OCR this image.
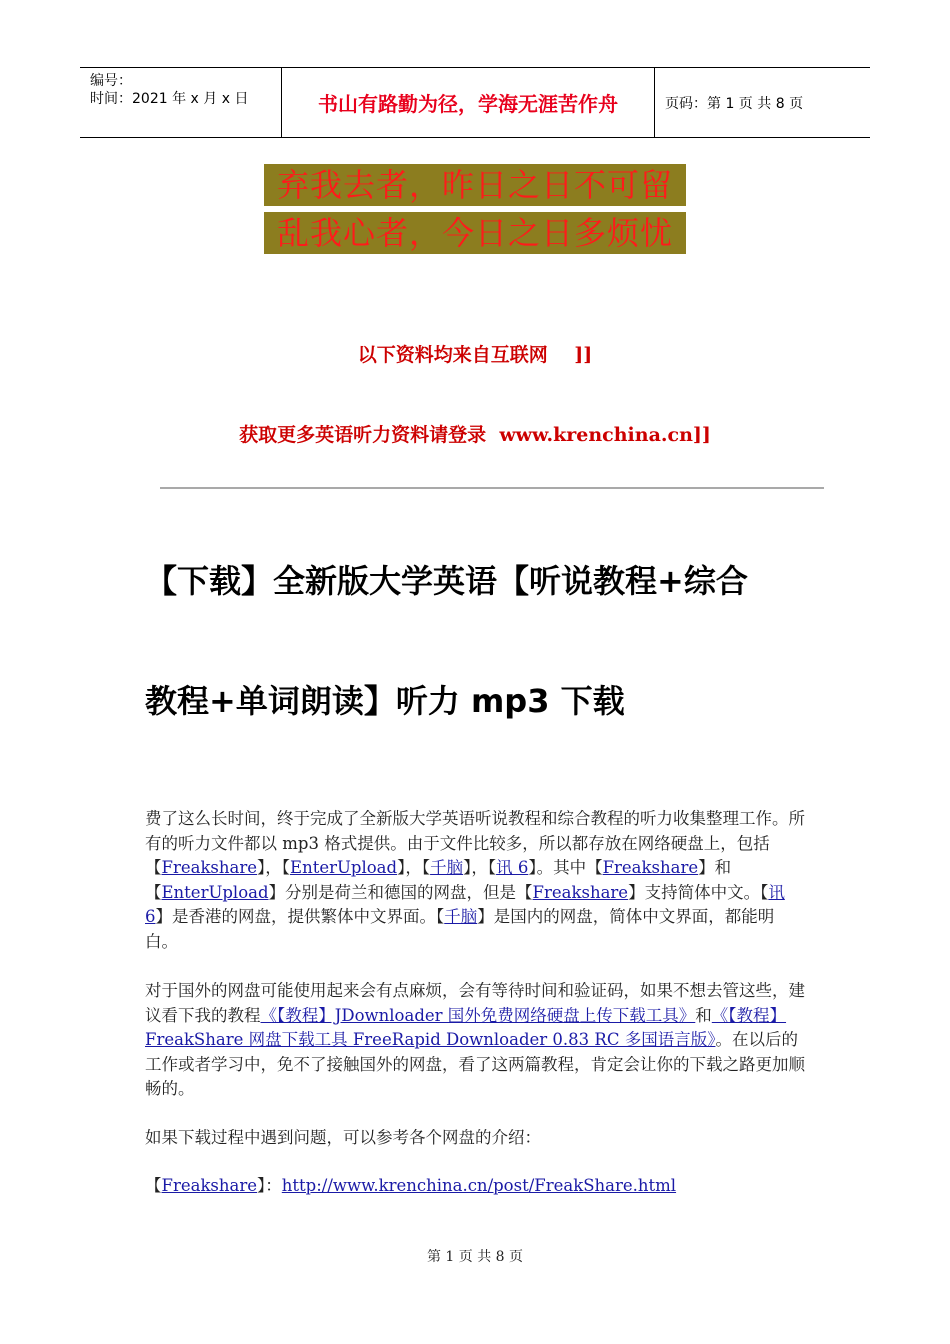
编号：
时间：2021 年 x 月 x 日	书山有路勤为径，学海无涯苦作舟	页码：第 1 页 共 8 页
弃我去者，昨日之日不可留
乱我心者，今日之日多烦忧
以下资料均来自互联网    ]]
获取更多英语听力资料请登录  www.krenchina.cn]]
【下载】全新版大学英语【听说教程+综合
教程+单词朗读】听力 mp3 下载
费了这么长时间，终于完成了全新版大学英语听说教程和综合教程的听力收集整理工作。所有的听力文件都以 mp3 格式提供。由于文件比较多，所以都存放在网络硬盘上，包括【Freakshare】，【EnterUpload】，【千脑】，【讯 6】。其中【Freakshare】和【EnterUpload】分别是荷兰和德国的网盘，但是【Freakshare】支持简体中文。【讯 6】是香港的网盘，提供繁体中文界面。【千脑】是国内的网盘，简体中文界面，都能明白。
对于国外的网盘可能使用起来会有点麻烦，会有等待时间和验证码，如果不想去管这些，建议看下我的教程《【教程】JDownloader 国外免费网络硬盘上传下载工具》和《【教程】FreakShare 网盘下载工具 FreeRapid Downloader 0.83 RC 多国语言版》。在以后的工作或者学习中，免不了接触国外的网盘，看了这两篇教程，肯定会让你的下载之路更加顺畅的。
如果下载过程中遇到问题，可以参考各个网盘的介绍：
【Freakshare】：http://www.krenchina.cn/post/FreakShare.html
第 1 页 共 8 页
